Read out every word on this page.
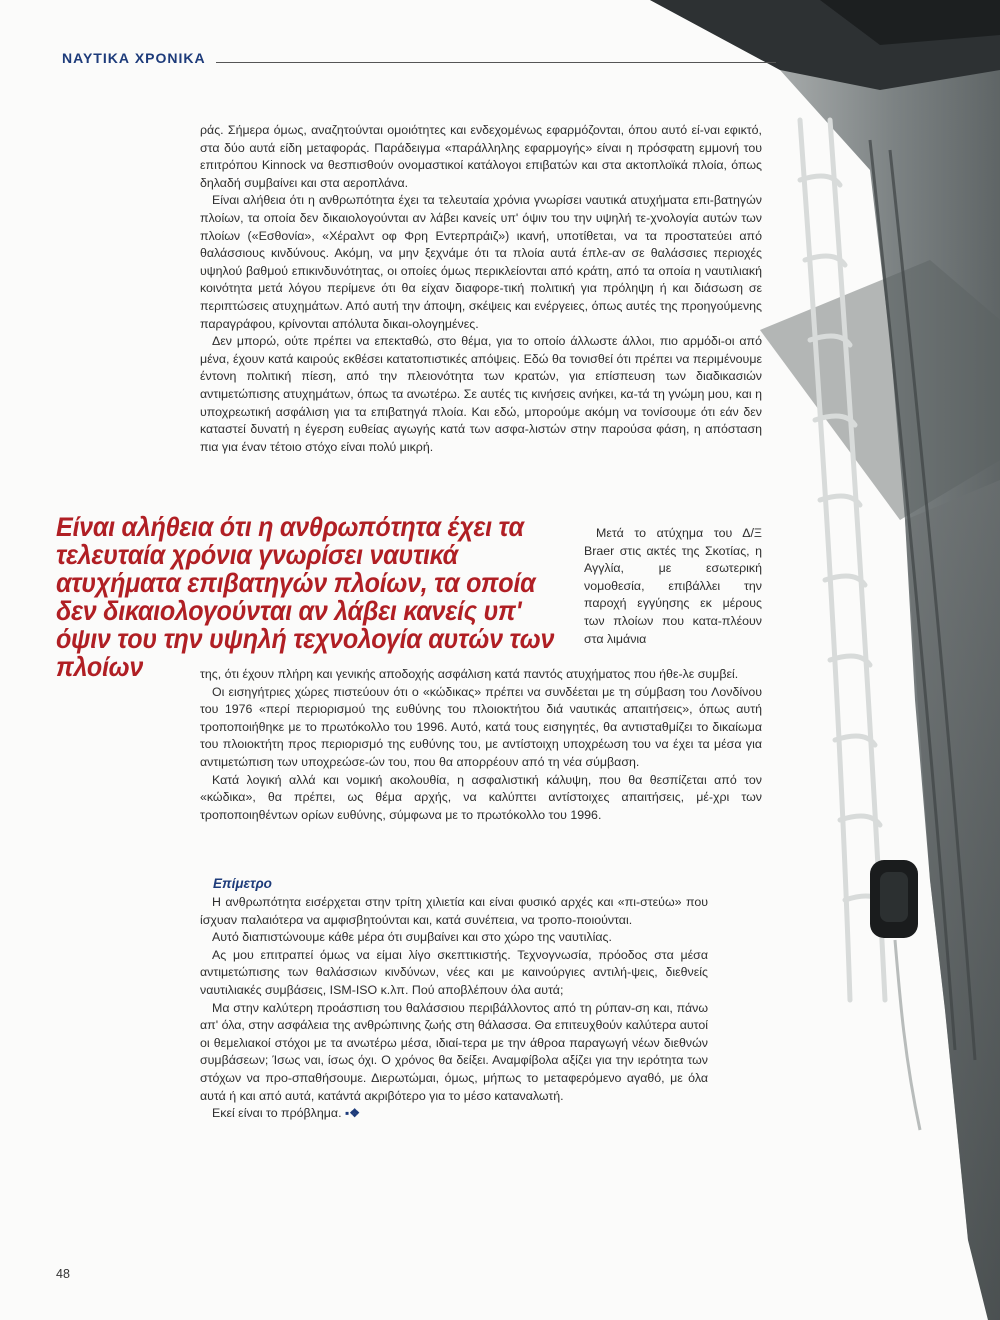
ΝΑΥΤΙΚΑ ΧΡΟΝΙΚΑ

ράς. Σήμερα όμως, αναζητούνται ομοιότητες και ενδεχομένως εφαρμόζονται, όπου αυτό εί-ναι εφικτό, στα δύο αυτά είδη μεταφοράς. Παράδειγμα «παράλληλης εφαρμογής» είναι η πρόσφατη εμμονή του επιτρόπου Kinnock να θεσπισθούν ονομαστικοί κατάλογοι επιβατών και στα ακτοπλοϊκά πλοία, όπως δηλαδή συμβαίνει και στα αεροπλάνα.

Είναι αλήθεια ότι η ανθρωπότητα έχει τα τελευταία χρόνια γνωρίσει ναυτικά ατυχήματα επι-βατηγών πλοίων, τα οποία δεν δικαιολογούνται αν λάβει κανείς υπ' όψιν του την υψηλή τε-χνολογία αυτών των πλοίων («Εσθονία», «Χέραλντ οφ Φρη Εντερπράιζ») ικανή, υποτίθεται, να τα προστατεύει από θαλάσσιους κινδύνους. Ακόμη, να μην ξεχνάμε ότι τα πλοία αυτά έπλε-αν σε θαλάσσιες περιοχές υψηλού βαθμού επικινδυνότητας, οι οποίες όμως περικλείονται από κράτη, από τα οποία η ναυτιλιακή κοινότητα μετά λόγου περίμενε ότι θα είχαν διαφορε-τική πολιτική για πρόληψη ή και διάσωση σε περιπτώσεις ατυχημάτων. Από αυτή την άποψη, σκέψεις και ενέργειες, όπως αυτές της προηγούμενης παραγράφου, κρίνονται απόλυτα δικαι-ολογημένες.

Δεν μπορώ, ούτε πρέπει να επεκταθώ, στο θέμα, για το οποίο άλλωστε άλλοι, πιο αρμόδι-οι από μένα, έχουν κατά καιρούς εκθέσει κατατοπιστικές απόψεις. Εδώ θα τονισθεί ότι πρέπει να περιμένουμε έντονη πολιτική πίεση, από την πλειονότητα των κρατών, για επίσπευση των διαδικασιών αντιμετώπισης ατυχημάτων, όπως τα ανωτέρω. Σε αυτές τις κινήσεις ανήκει, κα-τά τη γνώμη μου, και η υποχρεωτική ασφάλιση για τα επιβατηγά πλοία. Και εδώ, μπορούμε ακόμη να τονίσουμε ότι εάν δεν καταστεί δυνατή η έγερση ευθείας αγωγής κατά των ασφα-λιστών στην παρούσα φάση, η απόσταση πια για έναν τέτοιο στόχο είναι πολύ μικρή.

Είναι αλήθεια ότι η ανθρωπότητα έχει τα τελευταία χρόνια γνωρίσει ναυτικά ατυχήματα επιβατηγών πλοίων, τα οποία δεν δικαιολογούνται αν λάβει κανείς υπ' όψιν του την υψηλή τεχνολογία αυτών των πλοίων

Μετά το ατύχημα του Δ/Ξ Braer στις ακτές της Σκοτίας, η Αγγλία, με εσωτερική νομοθεσία, επιβάλλει την παροχή εγγύησης εκ μέρους των πλοίων που κατα-πλέουν στα λιμάνια

της, ότι έχουν πλήρη και γενικής αποδοχής ασφάλιση κατά παντός ατυχήματος που ήθε-λε συμβεί.

Οι εισηγήτριες χώρες πιστεύουν ότι ο «κώδικας» πρέπει να συνδέεται με τη σύμβαση του Λονδίνου του 1976 «περί περιορισμού της ευθύνης του πλοιοκτήτου διά ναυτικάς απαιτήσεις», όπως αυτή τροποποιήθηκε με το πρωτόκολλο του 1996. Αυτό, κατά τους εισηγητές, θα αντισταθμίζει το δικαίωμα του πλοιοκτήτη προς περιορισμό της ευθύνης του, με αντίστοιχη υποχρέωση του να έχει τα μέσα για αντιμετώπιση των υποχρεώσε-ών του, που θα απορρέουν από τη νέα σύμβαση.

Κατά λογική αλλά και νομική ακολουθία, η ασφαλιστική κάλυψη, που θα θεσπίζεται από τον «κώδικα», θα πρέπει, ως θέμα αρχής, να καλύπτει αντίστοιχες απαιτήσεις, μέ-χρι των τροποποιηθέντων ορίων ευθύνης, σύμφωνα με το πρωτόκολλο του 1996.

Επίμετρο

Η ανθρωπότητα εισέρχεται στην τρίτη χιλιετία και είναι φυσικό αρχές και «πι-στεύω» που ίσχυαν παλαιότερα να αμφισβητούνται και, κατά συνέπεια, να τροπο-ποιούνται.

Αυτό διαπιστώνουμε κάθε μέρα ότι συμβαίνει και στο χώρο της ναυτιλίας.

Ας μου επιτραπεί όμως να είμαι λίγο σκεπτικιστής. Τεχνογνωσία, πρόοδος στα μέσα αντιμετώπισης των θαλάσσιων κινδύνων, νέες και με καινούργιες αντιλή-ψεις, διεθνείς ναυτιλιακές συμβάσεις, ISM-ISO κ.λπ. Πού αποβλέπουν όλα αυτά;

Μα στην καλύτερη προάσπιση του θαλάσσιου περιβάλλοντος από τη ρύπαν-ση και, πάνω απ' όλα, στην ασφάλεια της ανθρώπινης ζωής στη θάλασσα. Θα επιτευχθούν καλύτερα αυτοί οι θεμελιακοί στόχοι με τα ανωτέρω μέσα, ιδιαί-τερα με την άθρoα παραγωγή νέων διεθνών συμβάσεων; Ίσως ναι, ίσως όχι. Ο χρόνος θα δείξει. Αναμφίβολα αξίζει για την ιερότητα των στόχων να προ-σπαθήσουμε. Διερωτώμαι, όμως, μήπως το μεταφερόμενο αγαθό, με όλα αυτά ή και από αυτά, κατάντά ακριβότερο για το μέσο καταναλωτή.

Εκεί είναι το πρόβλημα. ▪❖

48
